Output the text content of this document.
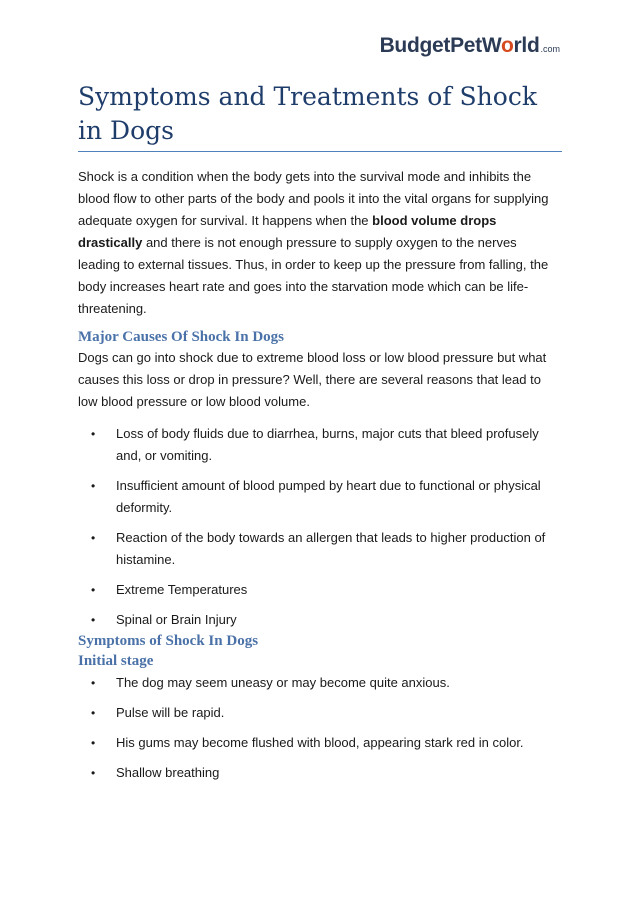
BudgetPetWorld.com
Symptoms and Treatments of Shock in Dogs

Shock is a condition when the body gets into the survival mode and inhibits the blood flow to other parts of the body and pools it into the vital organs for supplying adequate oxygen for survival. It happens when the blood volume drops drastically and there is not enough pressure to supply oxygen to the nerves leading to external tissues. Thus, in order to keep up the pressure from falling, the body increases heart rate and goes into the starvation mode which can be life-threatening.

Major Causes Of Shock In Dogs

Dogs can go into shock due to extreme blood loss or low blood pressure but what causes this loss or drop in pressure? Well, there are several reasons that lead to low blood pressure or low blood volume.

• Loss of body fluids due to diarrhea, burns, major cuts that bleed profusely and, or vomiting.
• Insufficient amount of blood pumped by heart due to functional or physical deformity.
• Reaction of the body towards an allergen that leads to higher production of histamine.
• Extreme Temperatures
• Spinal or Brain Injury
Symptoms of Shock In Dogs
Initial stage
• The dog may seem uneasy or may become quite anxious.
• Pulse will be rapid.
• His gums may become flushed with blood, appearing stark red in color.
• Shallow breathing
